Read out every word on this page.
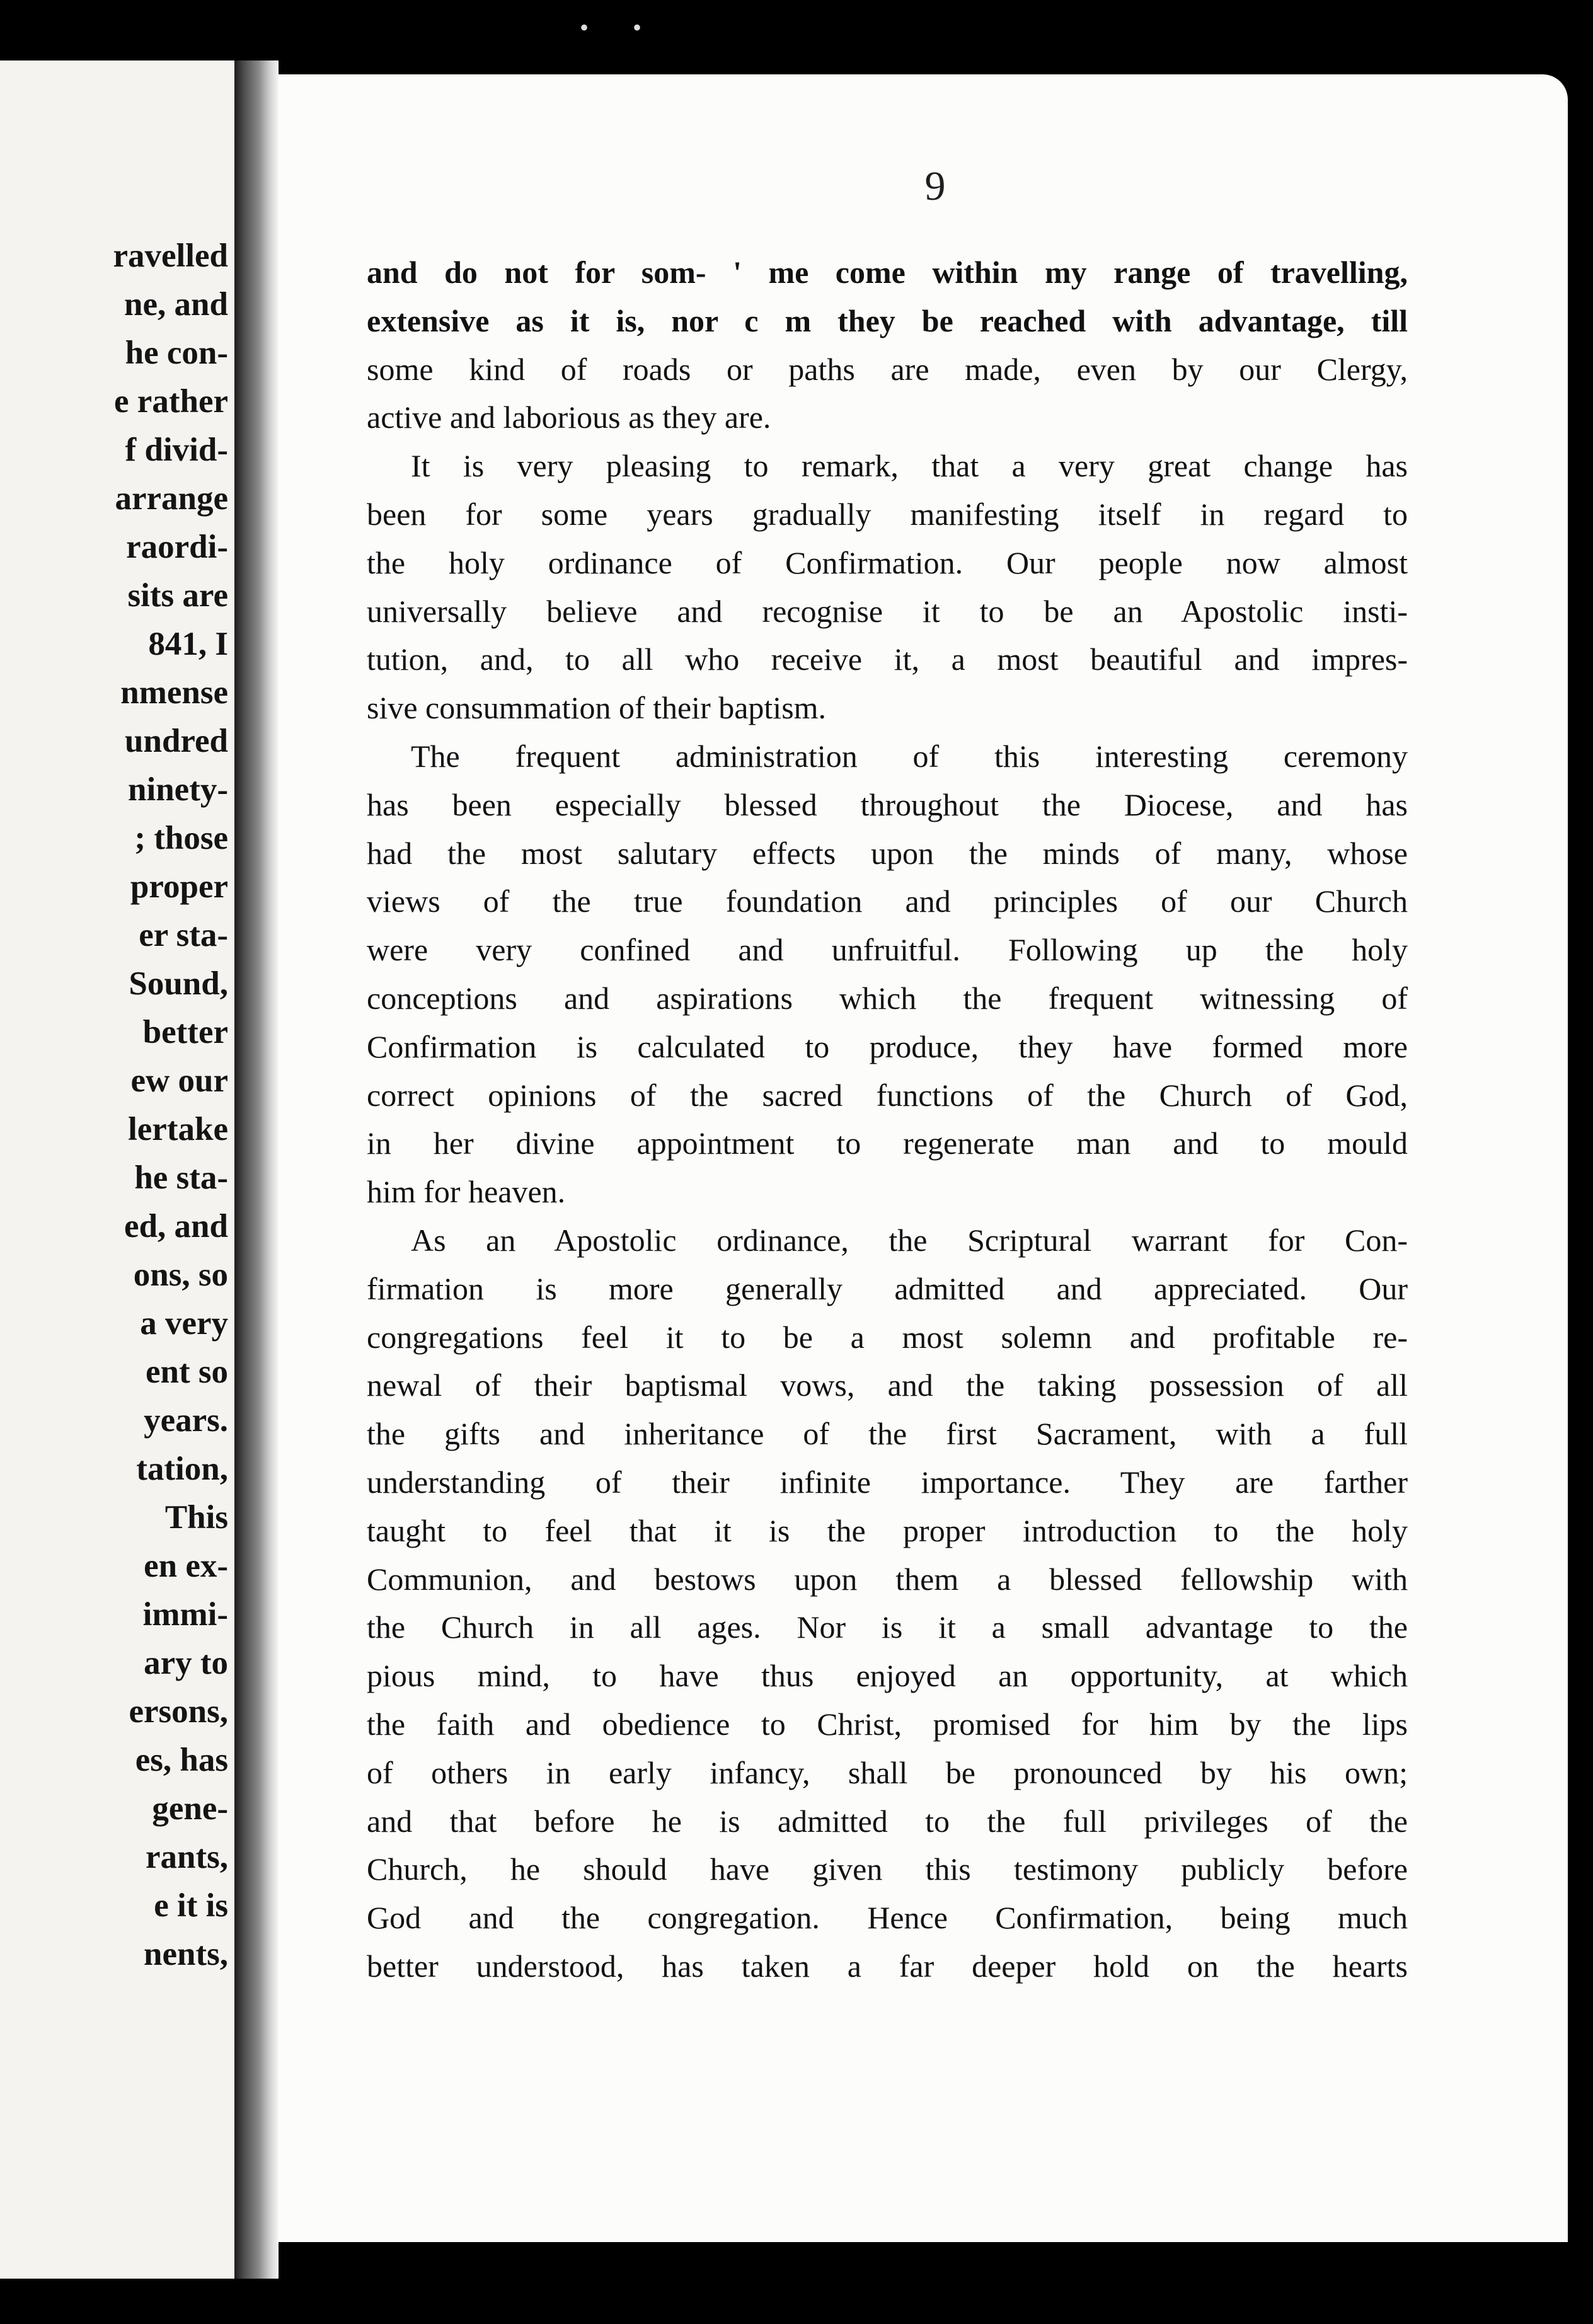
• •
ravelled
ne, and
he con-
e rather
f divid-
arrange
raordi-
sits are
841, I
nmense
undred
ninety-
; those
proper
er sta-
Sound,
better
ew our
lertake
he sta-
ed, and
ons, so
a very
ent so
years.
tation,
This
en ex-
immi-
ary to
ersons,
es, has
gene-
rants,
e it is
nents,
9
and do not for som- ' me come within my range of travelling,
extensive as it is, nor c m they be reached with advantage, till
some kind of roads or paths are made, even by our Clergy,
active and laborious as they are.
It is very pleasing to remark, that a very great change has
been for some years gradually manifesting itself in regard to
the holy ordinance of Confirmation. Our people now almost
universally believe and recognise it to be an Apostolic insti-
tution, and, to all who receive it, a most beautiful and impres-
sive consummation of their baptism.
The frequent administration of this interesting ceremony
has been especially blessed throughout the Diocese, and has
had the most salutary effects upon the minds of many, whose
views of the true foundation and principles of our Church
were very confined and unfruitful. Following up the holy
conceptions and aspirations which the frequent witnessing of
Confirmation is calculated to produce, they have formed more
correct opinions of the sacred functions of the Church of God,
in her divine appointment to regenerate man and to mould
him for heaven.
As an Apostolic ordinance, the Scriptural warrant for Con-
firmation is more generally admitted and appreciated. Our
congregations feel it to be a most solemn and profitable re-
newal of their baptismal vows, and the taking possession of all
the gifts and inheritance of the first Sacrament, with a full
understanding of their infinite importance. They are farther
taught to feel that it is the proper introduction to the holy
Communion, and bestows upon them a blessed fellowship with
the Church in all ages. Nor is it a small advantage to the
pious mind, to have thus enjoyed an opportunity, at which
the faith and obedience to Christ, promised for him by the lips
of others in early infancy, shall be pronounced by his own;
and that before he is admitted to the full privileges of the
Church, he should have given this testimony publicly before
God and the congregation. Hence Confirmation, being much
better understood, has taken a far deeper hold on the hearts
